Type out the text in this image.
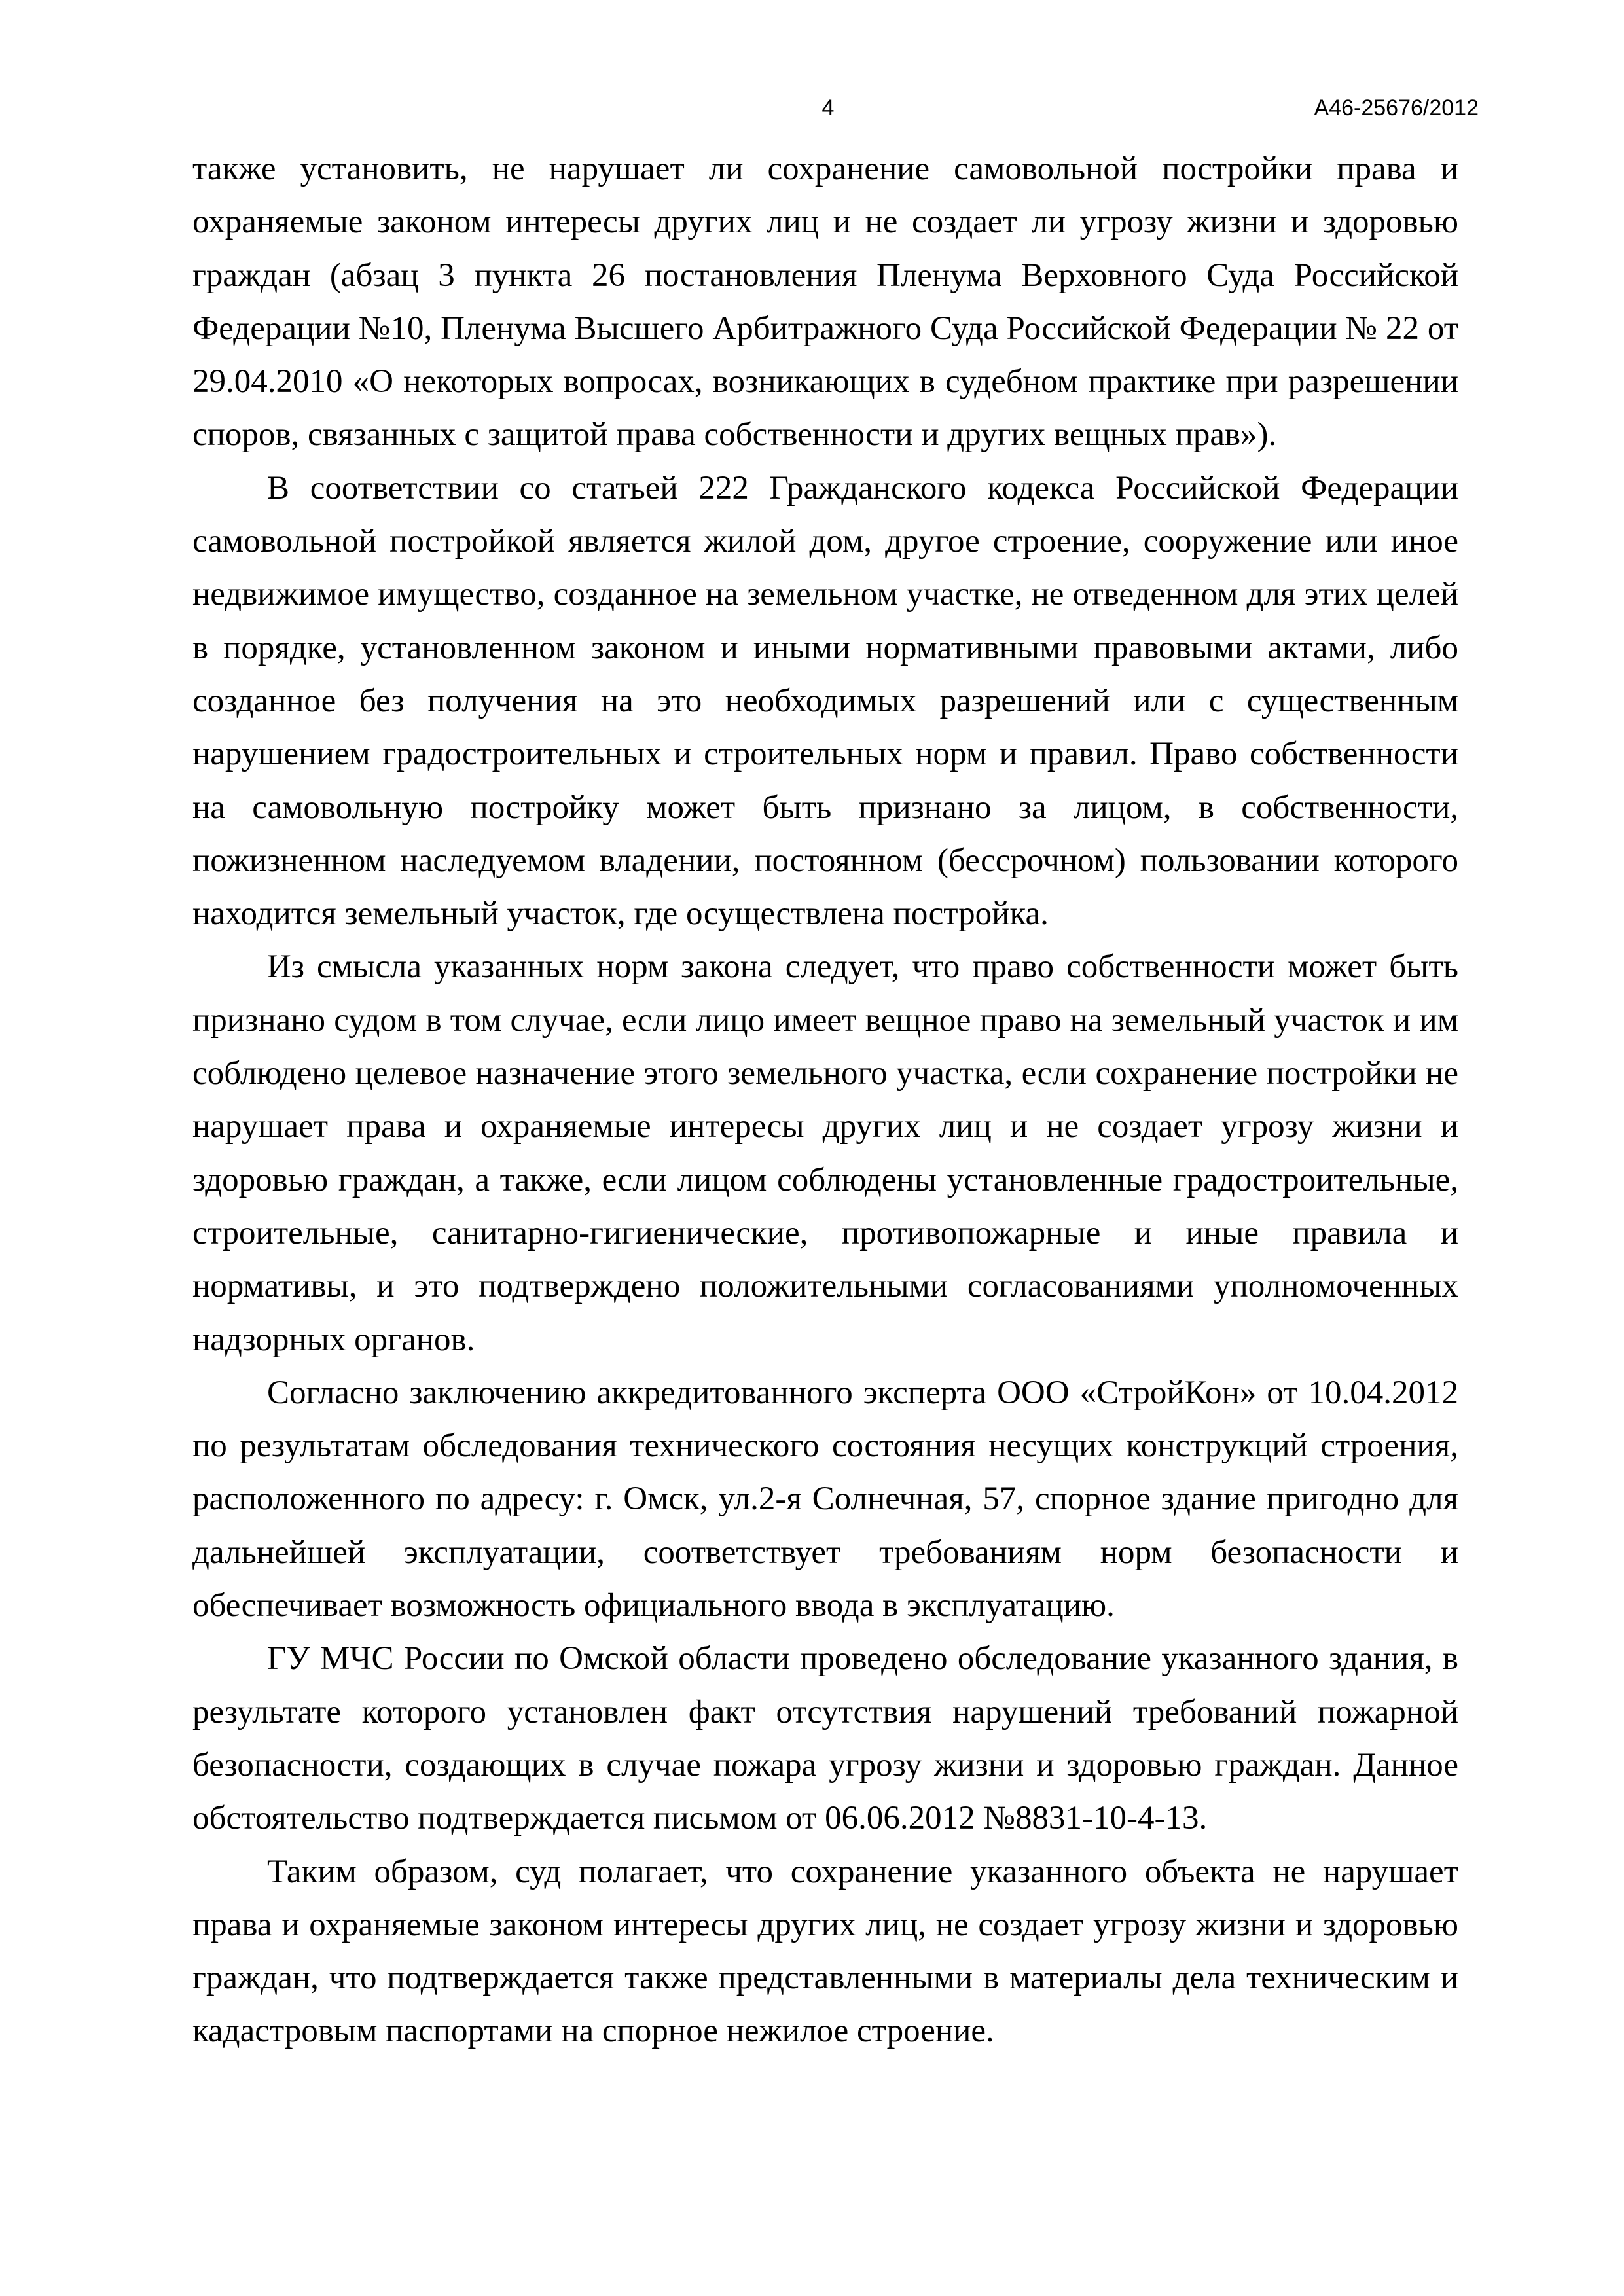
4	А46-25676/2012

также установить, не нарушает ли сохранение самовольной постройки права и охраняемые законом интересы других лиц и не создает ли угрозу жизни и здоровью граждан (абзац 3 пункта 26 постановления Пленума Верховного Суда Российской Федерации №10, Пленума Высшего Арбитражного Суда Российской Федерации № 22 от 29.04.2010 «О некоторых вопросах, возникающих в судебном практике при разрешении споров, связанных с защитой права собственности и других вещных прав»).

В соответствии со статьей 222 Гражданского кодекса Российской Федерации самовольной постройкой является жилой дом, другое строение, сооружение или иное недвижимое имущество, созданное на земельном участке, не отведенном для этих целей в порядке, установленном законом и иными нормативными правовыми актами, либо созданное без получения на это необходимых разрешений или с существенным нарушением градостроительных и строительных норм и правил. Право собственности на самовольную постройку может быть признано за лицом, в собственности, пожизненном наследуемом владении, постоянном (бессрочном) пользовании которого находится земельный участок, где осуществлена постройка.

Из смысла указанных норм закона следует, что право собственности может быть признано судом в том случае, если лицо имеет вещное право на земельный участок и им соблюдено целевое назначение этого земельного участка, если сохранение постройки не нарушает права и охраняемые интересы других лиц и не создает угрозу жизни и здоровью граждан, а также, если лицом соблюдены установленные градостроительные, строительные, санитарно-гигиенические, противопожарные и иные правила и нормативы, и это подтверждено положительными согласованиями уполномоченных надзорных органов.

Согласно заключению аккредитованного эксперта ООО «СтройКон» от 10.04.2012 по результатам обследования технического состояния несущих конструкций строения, расположенного по адресу: г. Омск, ул.2-я Солнечная, 57, спорное здание пригодно для дальнейшей эксплуатации, соответствует требованиям норм безопасности и обеспечивает возможность официального ввода в эксплуатацию.

ГУ МЧС России по Омской области проведено обследование указанного здания, в результате которого установлен факт отсутствия нарушений требований пожарной безопасности, создающих в случае пожара угрозу жизни и здоровью граждан. Данное обстоятельство подтверждается письмом от 06.06.2012 №8831-10-4-13.

Таким образом, суд полагает, что сохранение указанного объекта не нарушает права и охраняемые законом интересы других лиц, не создает угрозу жизни и здоровью граждан, что подтверждается также представленными в материалы дела техническим и кадастровым паспортами на спорное нежилое строение.
